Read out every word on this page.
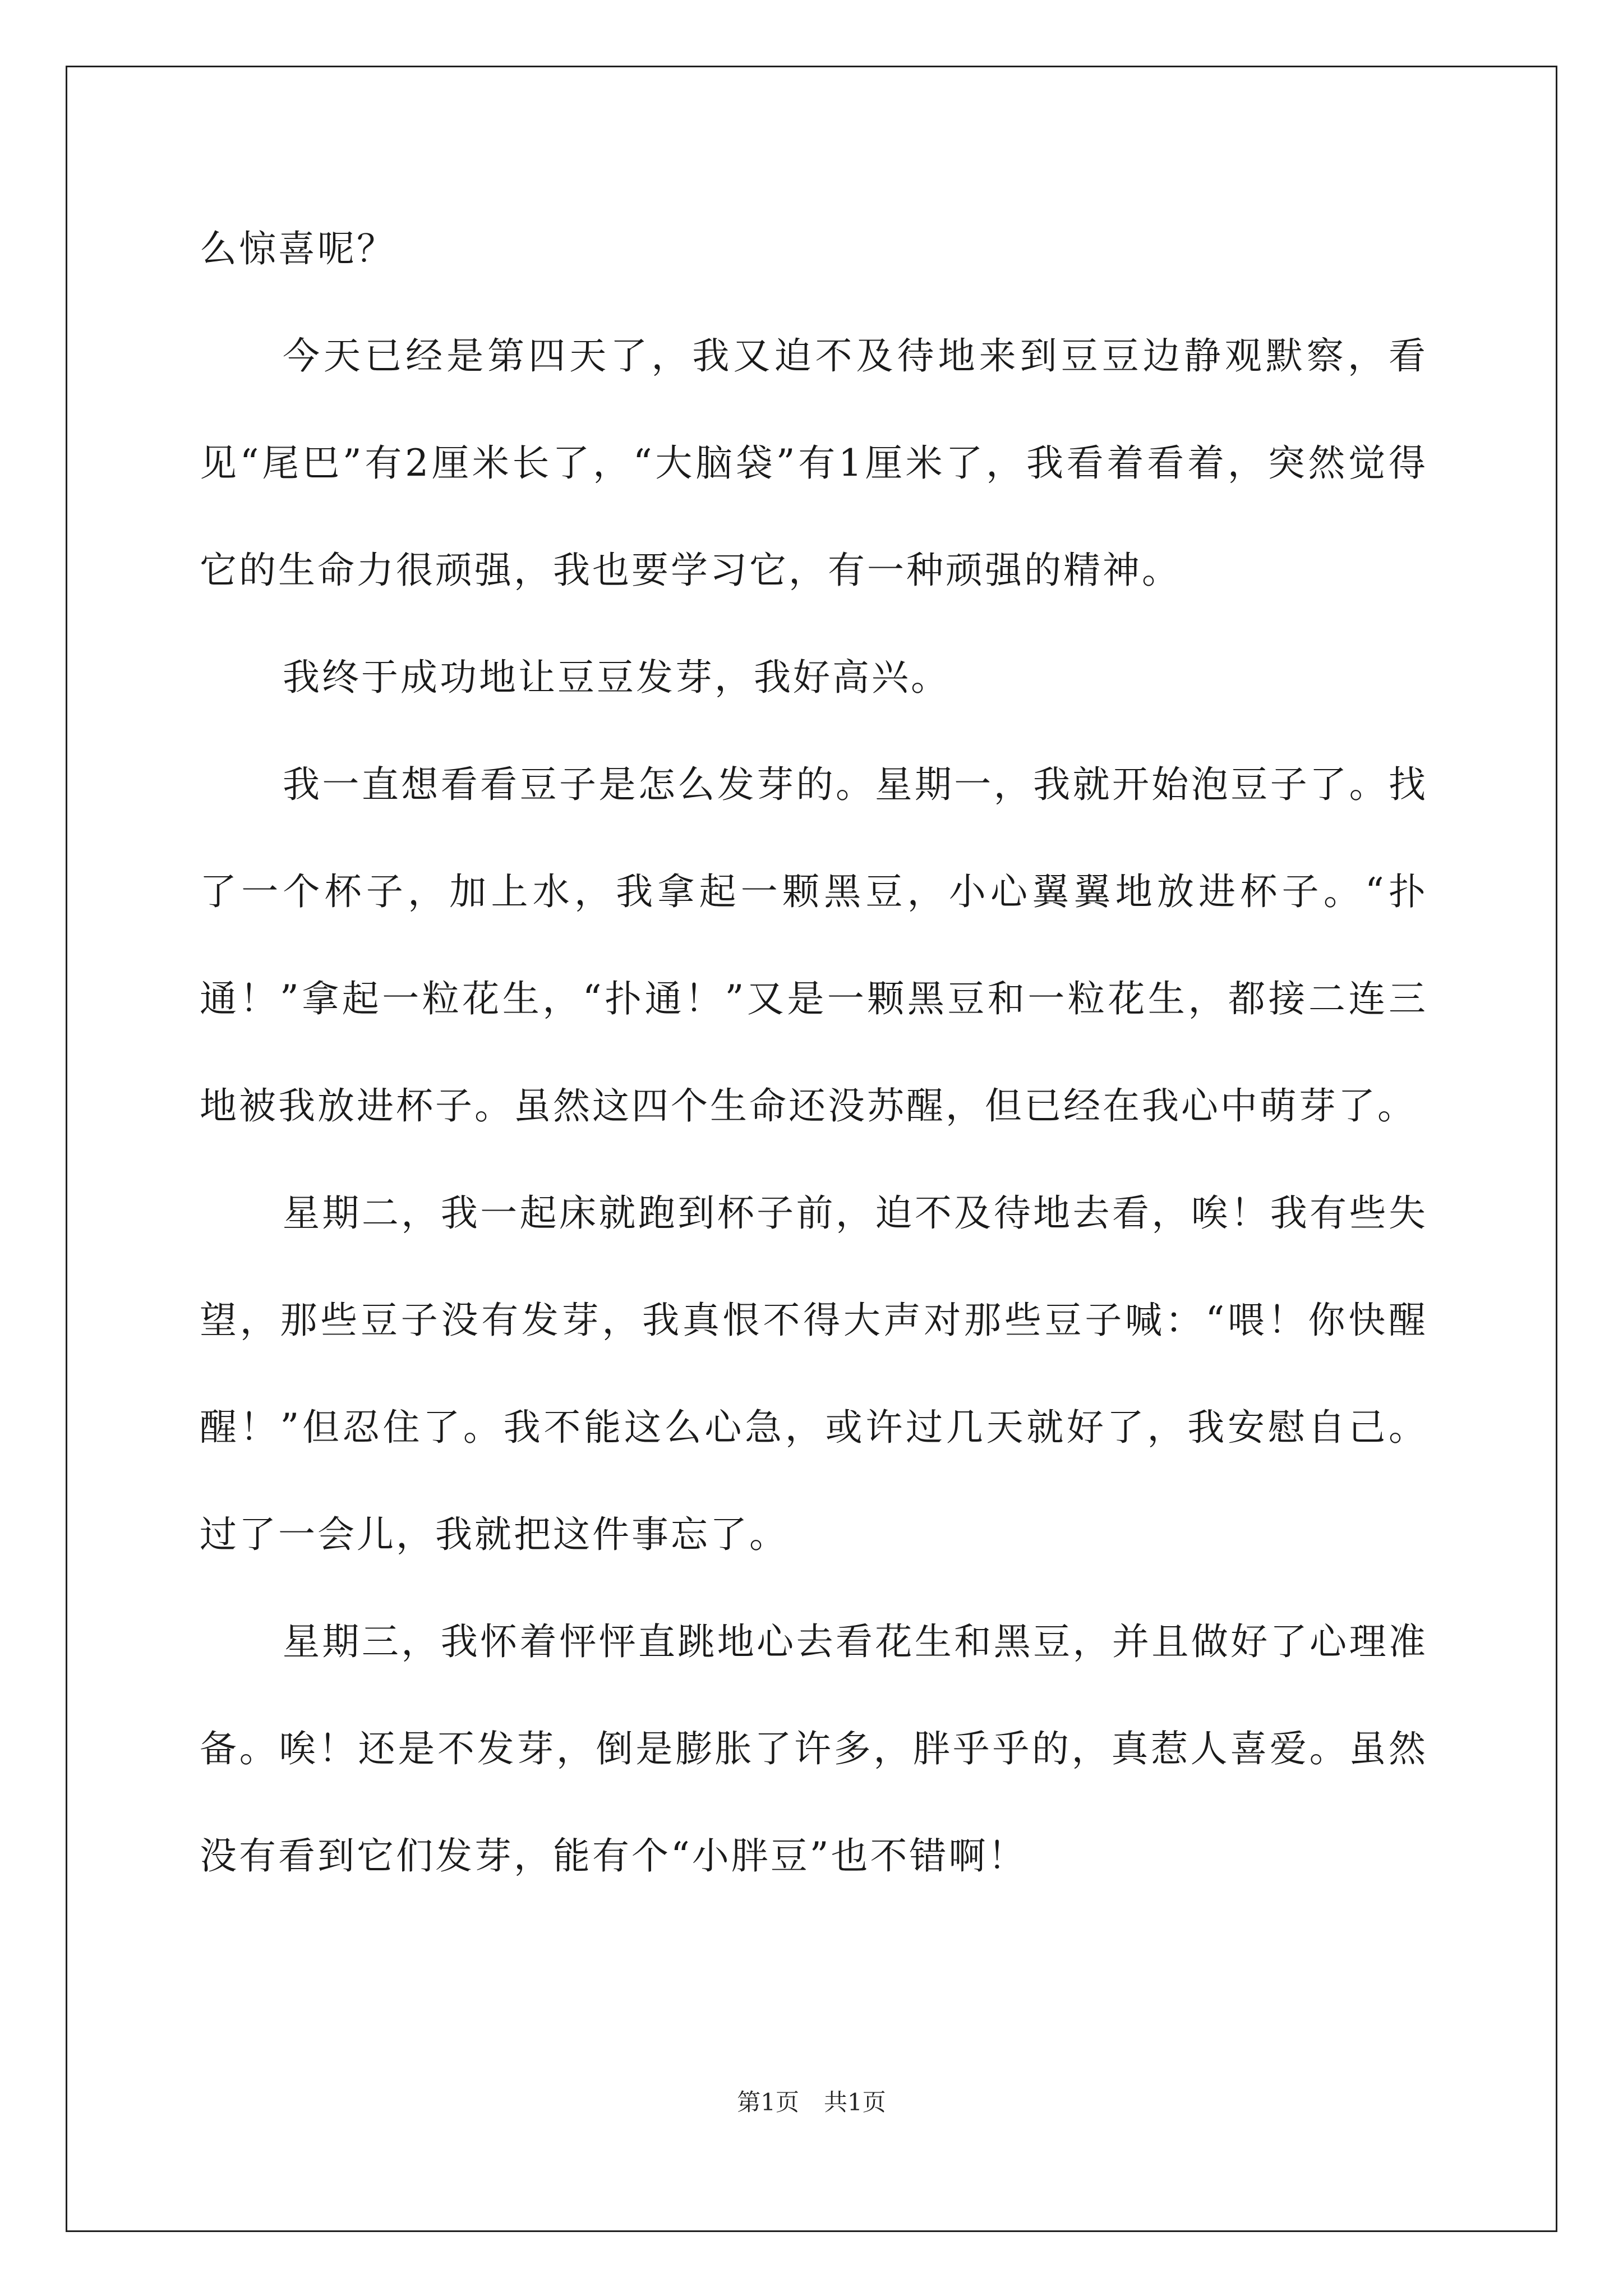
么惊喜呢？

今天已经是第四天了，我又迫不及待地来到豆豆边静观默察，看见“尾巴”有2厘米长了，“大脑袋”有1厘米了，我看着看着，突然觉得它的生命力很顽强，我也要学习它，有一种顽强的精神。

我终于成功地让豆豆发芽，我好高兴。

我一直想看看豆子是怎么发芽的。星期一，我就开始泡豆子了。找了一个杯子，加上水，我拿起一颗黑豆，小心翼翼地放进杯子。“扑通！”拿起一粒花生，“扑通！”又是一颗黑豆和一粒花生，都接二连三地被我放进杯子。虽然这四个生命还没苏醒，但已经在我心中萌芽了。

星期二，我一起床就跑到杯子前，迫不及待地去看，唉！我有些失望，那些豆子没有发芽，我真恨不得大声对那些豆子喊：“喂！你快醒醒！”但忍住了。我不能这么心急，或许过几天就好了，我安慰自己。过了一会儿，我就把这件事忘了。

星期三，我怀着怦怦直跳地心去看花生和黑豆，并且做好了心理准备。唉！还是不发芽，倒是膨胀了许多，胖乎乎的，真惹人喜爱。虽然没有看到它们发芽，能有个“小胖豆”也不错啊！

第1页 共1页
